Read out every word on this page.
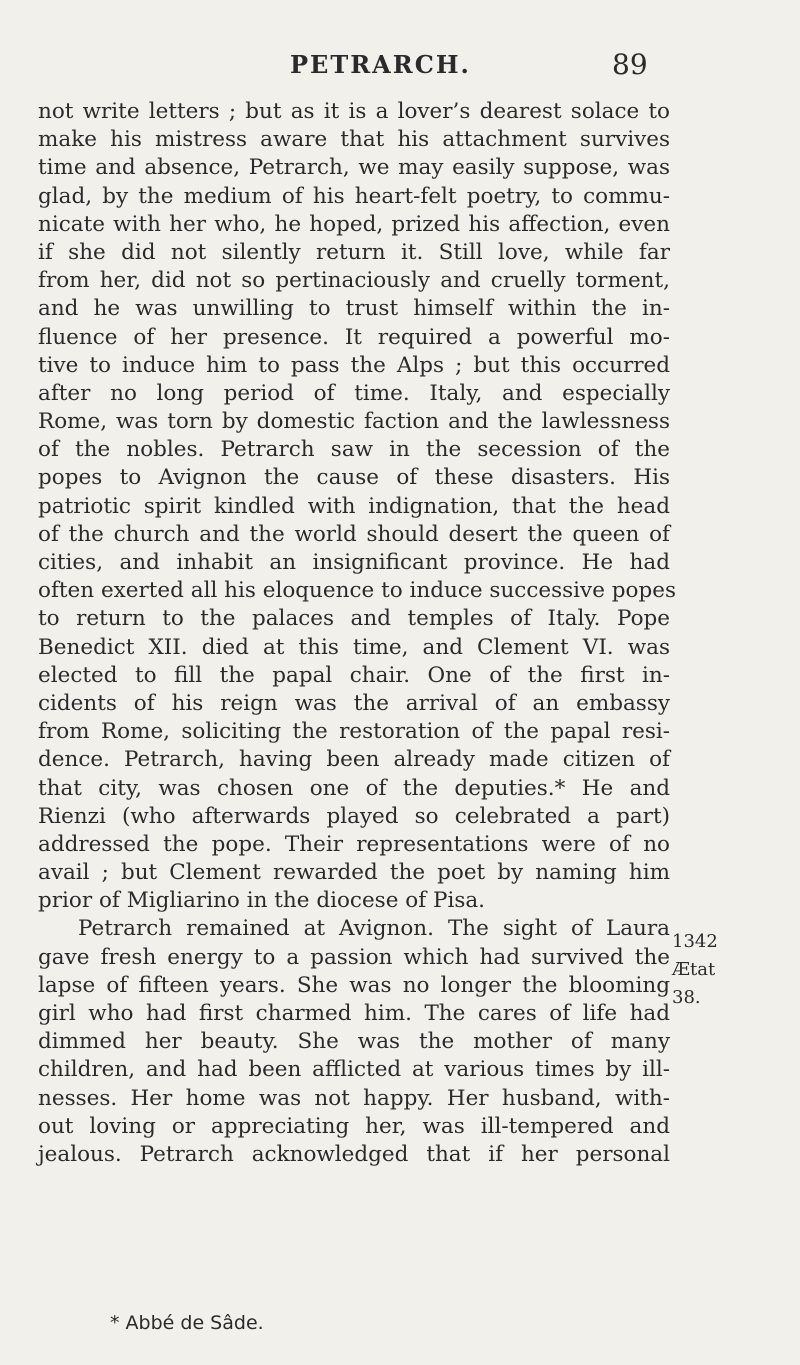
PETRARCH.	89
not write letters ; but as it is a lover’s dearest solace to
make his mistress aware that his attachment survives
time and absence, Petrarch, we may easily suppose, was
glad, by the medium of his heart-felt poetry, to commu-
nicate with her who, he hoped, prized his affection, even
if she did not silently return it. Still love, while far
from her, did not so pertinaciously and cruelly torment,
and he was unwilling to trust himself within the in-
fluence of her presence. It required a powerful mo-
tive to induce him to pass the Alps ; but this occurred
after no long period of time. Italy, and especially
Rome, was torn by domestic faction and the lawlessness
of the nobles. Petrarch saw in the secession of the
popes to Avignon the cause of these disasters. His
patriotic spirit kindled with indignation, that the head
of the church and the world should desert the queen of
cities, and inhabit an insignificant province. He had
often exerted all his eloquence to induce successive popes
to return to the palaces and temples of Italy. Pope
Benedict XII. died at this time, and Clement VI. was
elected to fill the papal chair. One of the first in-
cidents of his reign was the arrival of an embassy
from Rome, soliciting the restoration of the papal resi-
dence. Petrarch, having been already made citizen of
that city, was chosen one of the deputies.* He and
Rienzi (who afterwards played so celebrated a part)
addressed the pope. Their representations were of no
avail ; but Clement rewarded the poet by naming him
prior of Migliarino in the diocese of Pisa.
Petrarch remained at Avignon. The sight of Laura
gave fresh energy to a passion which had survived the
lapse of fifteen years. She was no longer the blooming
girl who had first charmed him. The cares of life had
dimmed her beauty. She was the mother of many
children, and had been afflicted at various times by ill-
nesses. Her home was not happy. Her husband, with-
out loving or appreciating her, was ill-tempered and
jealous. Petrarch acknowledged that if her personal
1342
Ætat
38.
* Abbé de Sâde.
